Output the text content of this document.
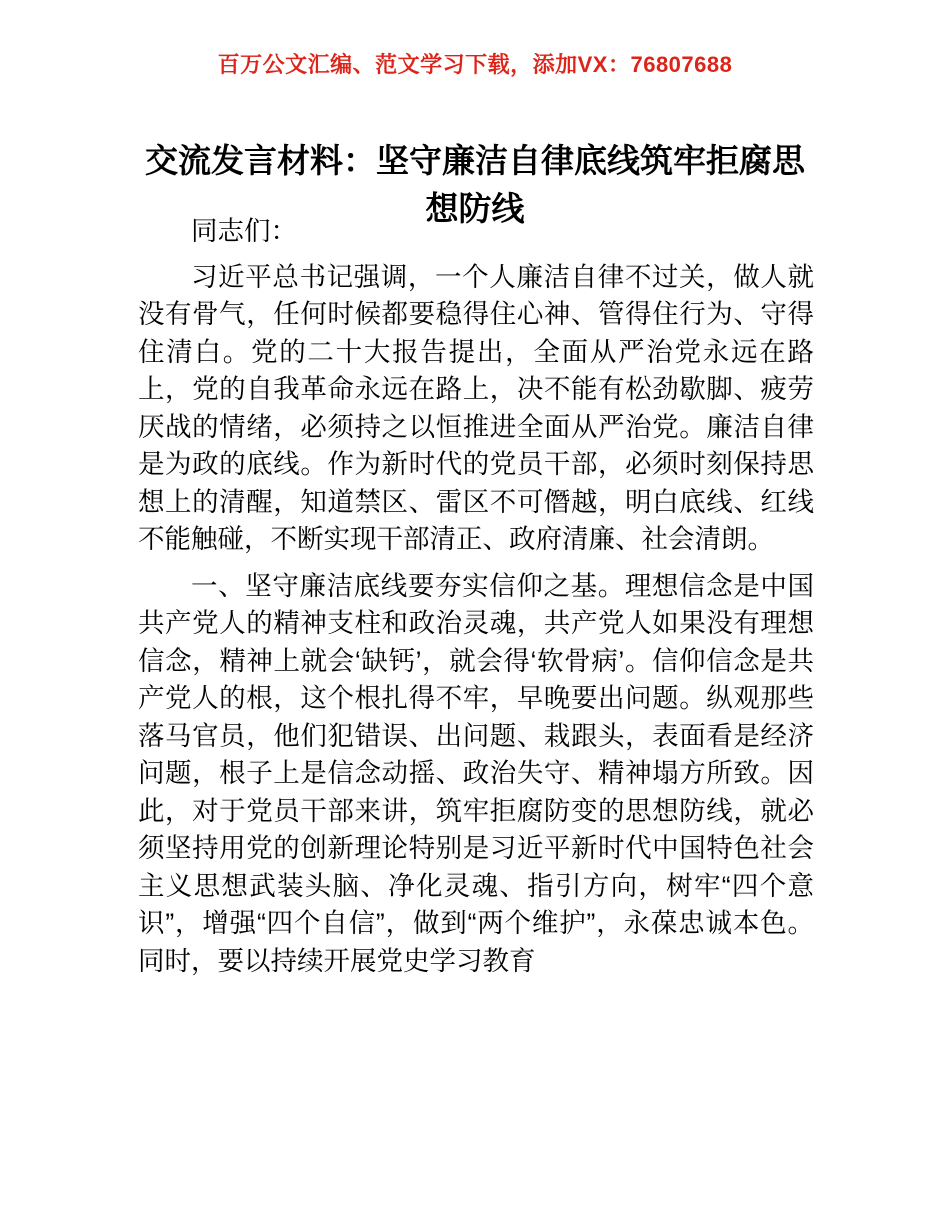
百万公文汇编、范文学习下载，添加VX：76807688
交流发言材料：坚守廉洁自律底线筑牢拒腐思想防线

同志们：

习近平总书记强调，一个人廉洁自律不过关，做人就没有骨气，任何时候都要稳得住心神、管得住行为、守得住清白。党的二十大报告提出，全面从严治党永远在路上，党的自我革命永远在路上，决不能有松劲歇脚、疲劳厌战的情绪，必须持之以恒推进全面从严治党。廉洁自律是为政的底线。作为新时代的党员干部，必须时刻保持思想上的清醒，知道禁区、雷区不可僭越，明白底线、红线不能触碰，不断实现干部清正、政府清廉、社会清朗。

一、坚守廉洁底线要夯实信仰之基。理想信念是中国共产党人的精神支柱和政治灵魂，共产党人如果没有理想信念，精神上就会‘缺钙’，就会得‘软骨病’。信仰信念是共产党人的根，这个根扎得不牢，早晚要出问题。纵观那些落马官员，他们犯错误、出问题、栽跟头，表面看是经济问题，根子上是信念动摇、政治失守、精神塌方所致。因此，对于党员干部来讲，筑牢拒腐防变的思想防线，就必须坚持用党的创新理论特别是习近平新时代中国特色社会主义思想武装头脑、净化灵魂、指引方向，树牢“四个意识”，增强“四个自信”，做到“两个维护”，永葆忠诚本色。同时，要以持续开展党史学习教育
